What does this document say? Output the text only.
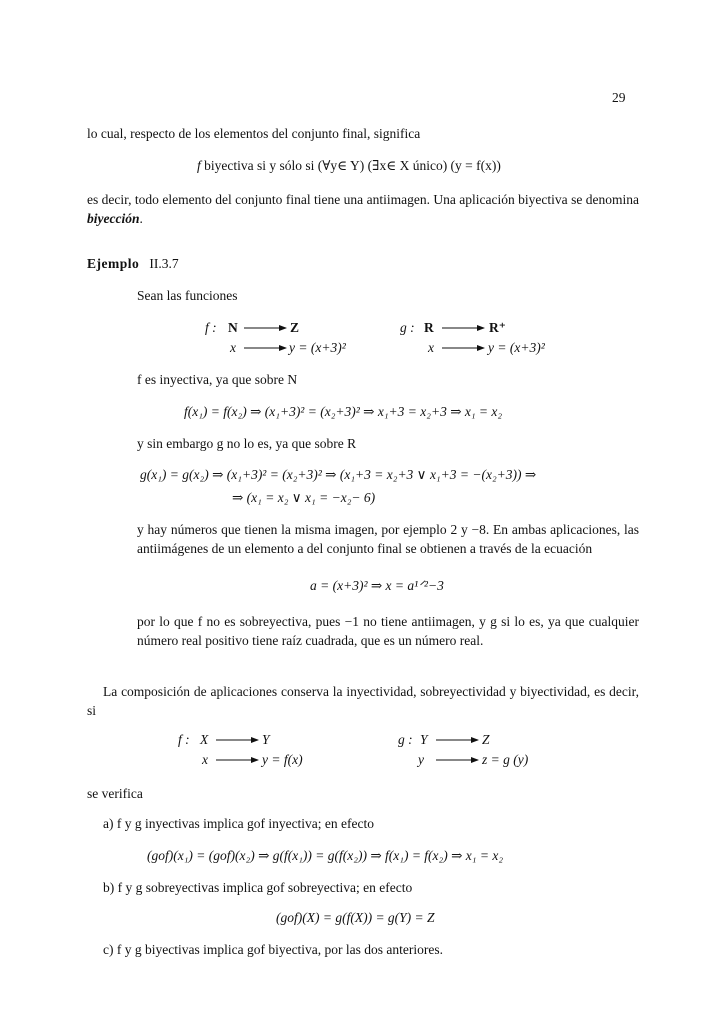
29
lo cual, respecto de los elementos del conjunto final, significa
f biyectiva si y sólo si (∀y∈ Y) (∃x∈ X único) (y = f(x))

es decir, todo elemento del conjunto final tiene una antiimagen. Una aplicación biyectiva se denomina biyección.

Ejemplo II.3.7
Sean las funciones
f : N	Z
x	y = (x+3)²
g : R	R⁺
x	y = (x+3)²
f es inyectiva, ya que sobre N
f(x₁) = f(x₂) ⇒ (x₁+3)² = (x₂+3)² ⇒ x₁+3 = x₂+3 ⇒ x₁ = x₂
y sin embargo g no lo es, ya que sobre R
g(x₁) = g(x₂) ⇒ (x₁+3)² = (x₂+3)² ⇒ (x₁+3 = x₂+3 ∨ x₁+3 = −(x₂+3)) ⇒
⇒ (x₁ = x₂ ∨ x₁ = −x₂− 6)

y hay números que tienen la misma imagen, por ejemplo 2 y −8. En ambas aplicaciones, las antiimágenes de un elemento a del conjunto final se obtienen a través de la ecuación

a = (x+3)² ⇒ x = a¹ᐟ²−3

por lo que f no es sobreyectiva, pues −1 no tiene antiimagen, y g si lo es, ya que cualquier número real positivo tiene raíz cuadrada, que es un número real.

La composición de aplicaciones conserva la inyectividad, sobreyectividad y biyectividad, es decir, si

f : X	Y
x	y = f(x)
g : Y	Z
y	z = g (y)
se verifica
a) f y g inyectivas implica gof inyectiva; en efecto
(gof)(x₁) = (gof)(x₂) ⇒ g(f(x₁)) = g(f(x₂)) ⇒ f(x₁) = f(x₂) ⇒ x₁ = x₂
b) f y g sobreyectivas implica gof sobreyectiva; en efecto
(gof)(X) = g(f(X)) = g(Y) = Z
c) f y g biyectivas implica gof biyectiva, por las dos anteriores.
